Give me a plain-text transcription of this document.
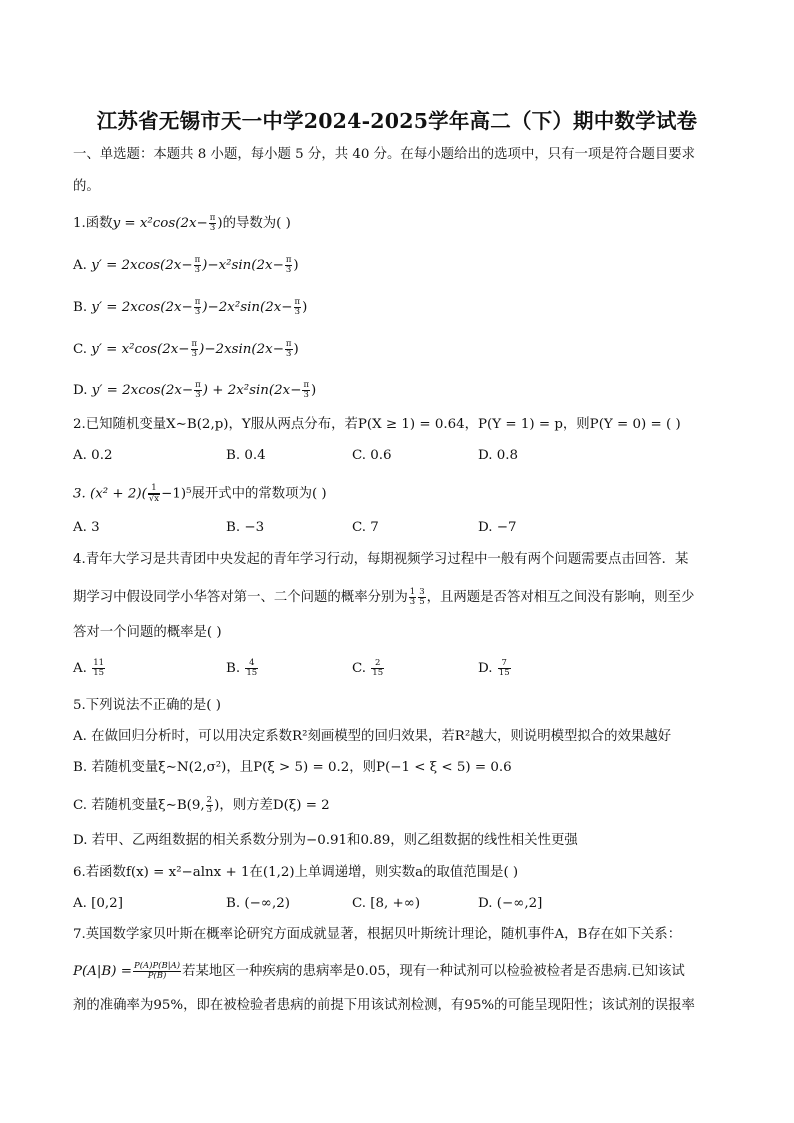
江苏省无锡市天一中学2024-2025学年高二（下）期中数学试卷
一、单选题：本题共 8 小题，每小题 5 分，共 40 分。在每小题给出的选项中，只有一项是符合题目要求
的。
1.函数$y = x^2\cos(2x- \frac{\pi}{3}$ )的导数为( )
A. $y' = 2xcos(2x- \frac{\pi}{3} )-x^2\sin(2x- \frac{\pi}{3}$ )
B. $y' = 2xcos(2x- \frac{\pi}{3} )-2x^2\sin(2x- \frac{\pi}{3}$ )
C. $y' = x^2\cos(2x- \frac{\pi}{3} )-2xsin(2x- \frac{\pi}{3}$ )
D. $y' = 2xcos(2x- \frac{\pi}{3}$ ) + $2x^2\sin(2x- \frac{\pi}{3}$ )
2.已知随机变量X∼B(2,p)，Y服从两点分布，若P(X ≥ 1) = 0.64，P(Y = 1) = p，则P(Y = 0) = ( )
A. 0.2	B. 0.4	C. 0.6	D. 0.8
3. $(x^2 + 2)( \frac{1}{√x} -1)^5$展开式中的常数项为( )
A. 3	B. −3	C. 7	D. −7
4.青年大学习是共青团中央发起的青年学习行动，每期视频学习过程中一般有两个问题需要点击回答．某
期学习中假设同学小华答对第一、二个问题的概率分别为 $\frac{1}{3} \frac{3}{5}$ ，且两题是否答对相互之间没有影响，则至少
答对一个问题的概率是( )
A. $\frac{11}{15}$	B. $\frac{4}{15}$	C. $\frac{2}{15}$	D. $\frac{7}{15}$
5.下列说法不正确的是( )
A. 在做回归分析时，可以用决定系数R²刻画模型的回归效果，若R²越大，则说明模型拟合的效果越好
B. 若随机变量ξ∼N(2,σ²)，且P(ξ > 5) = 0.2，则P(−1 < ξ < 5) = 0.6
C. 若随机变量ξ∼B(9, $\frac{2}{3}$ )，则方差D(ξ) = 2
D. 若甲、乙两组数据的相关系数分别为−0.91和0.89，则乙组数据的线性相关性更强
6.若函数f(x) = x²−alnx + 1在(1,2)上单调递增，则实数a的取值范围是( )
A. [0,2]	B. (−∞,2)	C. [8, +∞)	D. (−∞,2]
7.英国数学家贝叶斯在概率论研究方面成就显著，根据贝叶斯统计理论，随机事件A，B存在如下关系：
$P(A|B) = \frac{P(A)P(B|A)}{P(B)}$ 若某地区一种疾病的患病率是0.05，现有一种试剂可以检验被检者是否患病.已知该试
剂的准确率为95%，即在被检验者患病的前提下用该试剂检测，有95%的可能呈现阳性；该试剂的误报率
